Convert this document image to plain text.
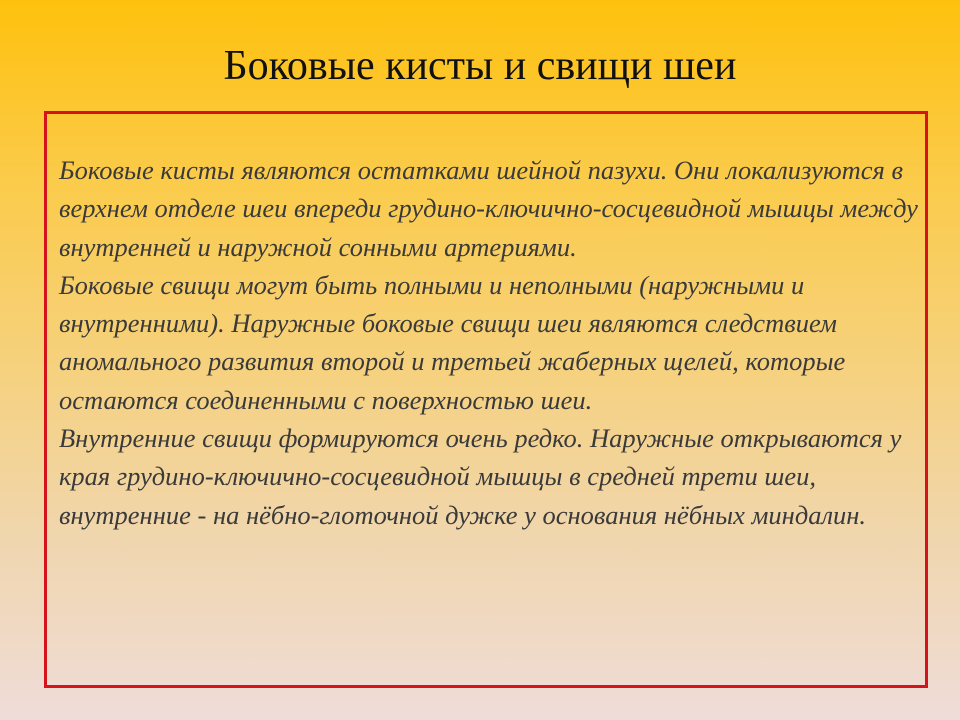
Боковые кисты и свищи шеи

Боковые кисты являются остатками шейной пазухи. Они локализуются в верхнем отделе шеи впереди грудино-ключично-сосцевидной мышцы между внутренней и наружной сонными артериями.

Боковые свищи могут быть полными и неполными (наружными и внутренними). Наружные боковые свищи шеи являются следствием аномального развития второй и третьей жаберных щелей, которые остаются соединенными с поверхностью шеи.

Внутренние свищи формируются очень редко. Наружные открываются у края грудино-ключично-сосцевидной мышцы в средней трети шеи, внутренние - на нёбно-глоточной дужке у основания нёбных миндалин.
